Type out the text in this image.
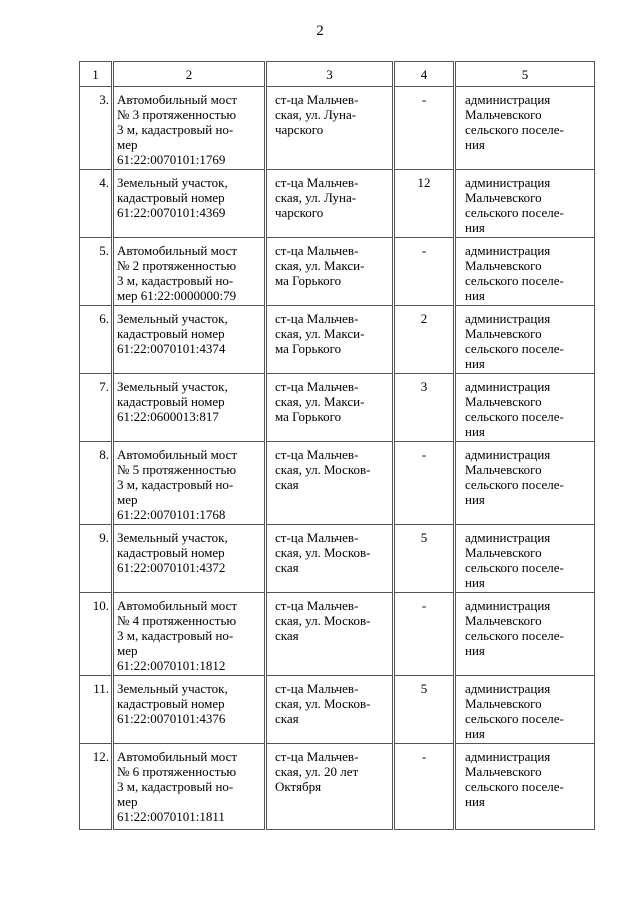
2
1	2	3	4	5
3.	Автомобильный мост
№ 3 протяженностью
3 м, кадастровый но-
мер
61:22:0070101:1769	ст-ца Мальчев-
ская, ул. Луна-
чарского	-	администрация
Мальчевского
сельского поселе-
ния

4.	Земельный участок,
кадастровый номер
61:22:0070101:4369	ст-ца Мальчев-
ская, ул. Луна-
чарского	12	администрация
Мальчевского
сельского поселе-
ния

5.	Автомобильный мост
№ 2 протяженностью
3 м, кадастровый но-
мер 61:22:0000000:79	ст-ца Мальчев-
ская, ул. Макси-
ма Горького	-	администрация
Мальчевского
сельского поселе-
ния

6.	Земельный участок,
кадастровый номер
61:22:0070101:4374	ст-ца Мальчев-
ская, ул. Макси-
ма Горького	2	администрация
Мальчевского
сельского поселе-
ния

7.	Земельный участок,
кадастровый номер
61:22:0600013:817	ст-ца Мальчев-
ская, ул. Макси-
ма Горького	3	администрация
Мальчевского
сельского поселе-
ния

8.	Автомобильный мост
№ 5 протяженностью
3 м, кадастровый но-
мер
61:22:0070101:1768	ст-ца Мальчев-
ская, ул. Москов-
ская	-	администрация
Мальчевского
сельского поселе-
ния

9.	Земельный участок,
кадастровый номер
61:22:0070101:4372	ст-ца Мальчев-
ская, ул. Москов-
ская	5	администрация
Мальчевского
сельского поселе-
ния

10.	Автомобильный мост
№ 4 протяженностью
3 м, кадастровый но-
мер
61:22:0070101:1812	ст-ца Мальчев-
ская, ул. Москов-
ская	-	администрация
Мальчевского
сельского поселе-
ния

11.	Земельный участок,
кадастровый номер
61:22:0070101:4376	ст-ца Мальчев-
ская, ул. Москов-
ская	5	администрация
Мальчевского
сельского поселе-
ния

12.	Автомобильный мост
№ 6 протяженностью
3 м, кадастровый но-
мер
61:22:0070101:1811	ст-ца Мальчев-
ская, ул. 20 лет
Октября	-	администрация
Мальчевского
сельского поселе-
ния
